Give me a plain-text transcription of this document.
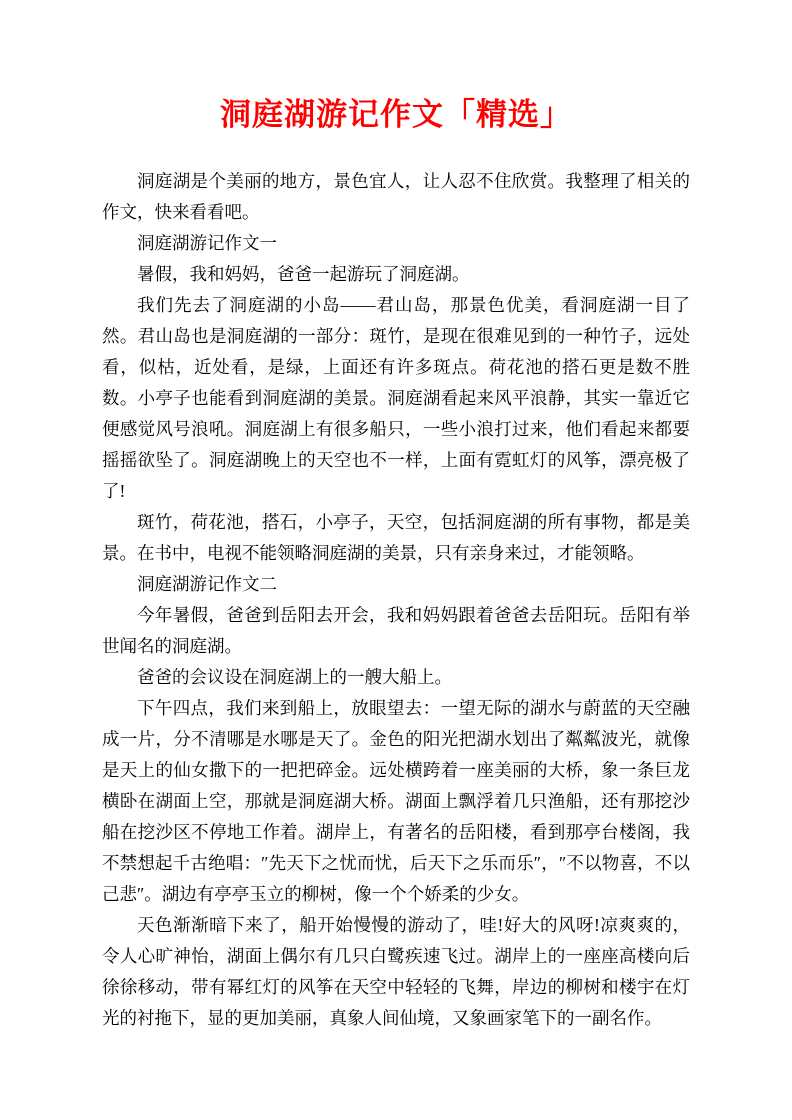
洞庭湖游记作文「精选」

洞庭湖是个美丽的地方，景色宜人，让人忍不住欣赏。我整理了相关的作文，快来看看吧。

洞庭湖游记作文一

暑假，我和妈妈，爸爸一起游玩了洞庭湖。

我们先去了洞庭湖的小岛——君山岛，那景色优美，看洞庭湖一目了然。君山岛也是洞庭湖的一部分：斑竹，是现在很难见到的一种竹子，远处看，似枯，近处看，是绿，上面还有许多斑点。荷花池的搭石更是数不胜数。小亭子也能看到洞庭湖的美景。洞庭湖看起来风平浪静，其实一靠近它便感觉风号浪吼。洞庭湖上有很多船只，一些小浪打过来，他们看起来都要摇摇欲坠了。洞庭湖晚上的天空也不一样，上面有霓虹灯的风筝，漂亮极了了!

斑竹，荷花池，搭石，小亭子，天空，包括洞庭湖的所有事物，都是美景。在书中，电视不能领略洞庭湖的美景，只有亲身来过，才能领略。

洞庭湖游记作文二

今年暑假，爸爸到岳阳去开会，我和妈妈跟着爸爸去岳阳玩。岳阳有举世闻名的洞庭湖。

爸爸的会议设在洞庭湖上的一艘大船上。

下午四点，我们来到船上，放眼望去：一望无际的湖水与蔚蓝的天空融成一片，分不清哪是水哪是天了。金色的阳光把湖水划出了粼粼波光，就像是天上的仙女撒下的一把把碎金。远处横跨着一座美丽的大桥，象一条巨龙横卧在湖面上空，那就是洞庭湖大桥。湖面上飘浮着几只渔船，还有那挖沙船在挖沙区不停地工作着。湖岸上，有著名的岳阳楼，看到那亭台楼阁，我不禁想起千古绝唱：″先天下之忧而忧，后天下之乐而乐″，″不以物喜，不以己悲″。湖边有亭亭玉立的柳树，像一个个娇柔的少女。

天色渐渐暗下来了，船开始慢慢的游动了，哇!好大的风呀!凉爽爽的，令人心旷神怡，湖面上偶尔有几只白鹭疾速飞过。湖岸上的一座座高楼向后徐徐移动，带有幂红灯的风筝在天空中轻轻的飞舞，岸边的柳树和楼宇在灯光的衬拖下，显的更加美丽，真象人间仙境，又象画家笔下的一副名作。
